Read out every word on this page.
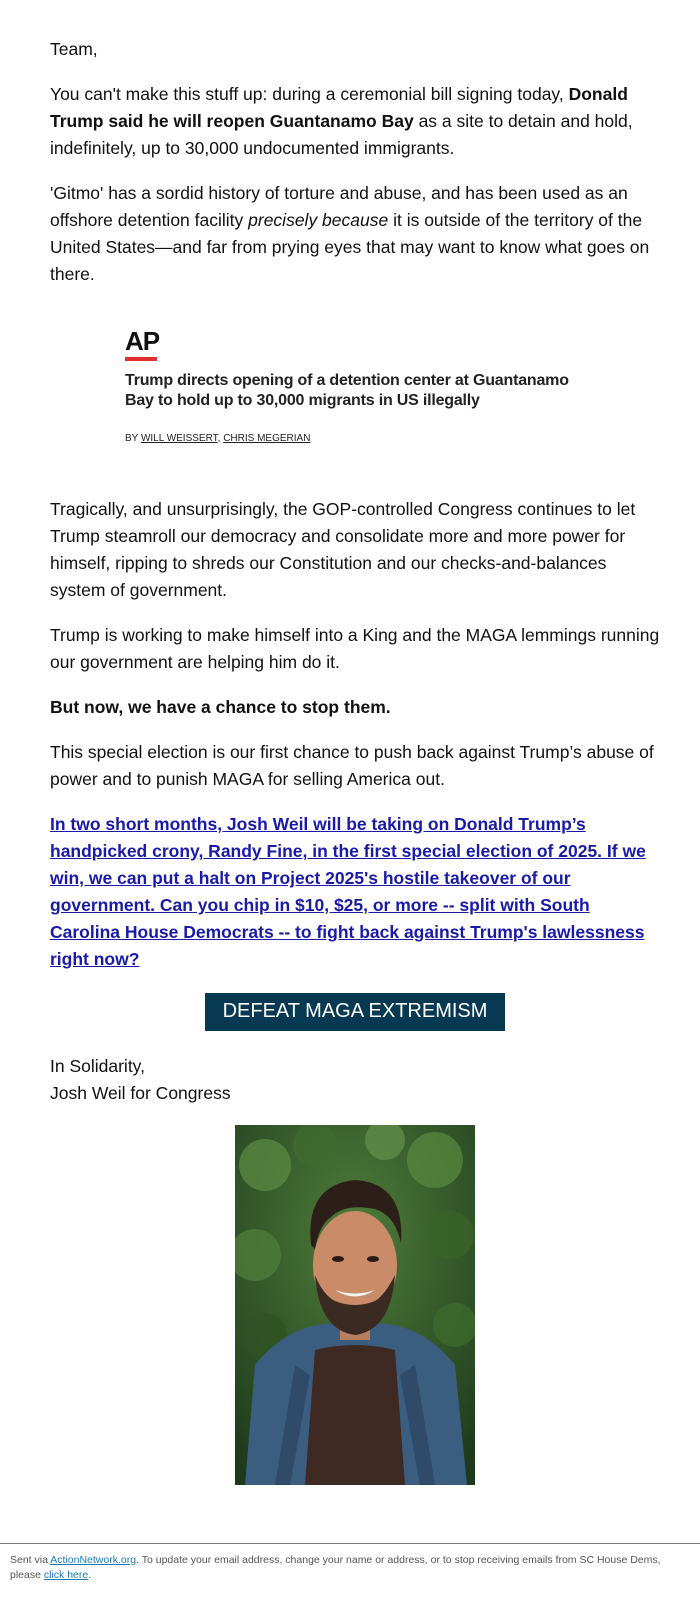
Team,

You can't make this stuff up: during a ceremonial bill signing today, Donald Trump said he will reopen Guantanamo Bay as a site to detain and hold, indefinitely, up to 30,000 undocumented immigrants.

'Gitmo' has a sordid history of torture and abuse, and has been used as an offshore detention facility precisely because it is outside of the territory of the United States—and far from prying eyes that may want to know what goes on there.

AP
Trump directs opening of a detention center at Guantanamo Bay to hold up to 30,000 migrants in US illegally
BY WILL WEISSERT, CHRIS MEGERIAN

Tragically, and unsurprisingly, the GOP-controlled Congress continues to let Trump steamroll our democracy and consolidate more and more power for himself, ripping to shreds our Constitution and our checks-and-balances system of government.

Trump is working to make himself into a King and the MAGA lemmings running our government are helping him do it.

But now, we have a chance to stop them.

This special election is our first chance to push back against Trump’s abuse of power and to punish MAGA for selling America out.

In two short months, Josh Weil will be taking on Donald Trump’s handpicked crony, Randy Fine, in the first special election of 2025. If we win, we can put a halt on Project 2025's hostile takeover of our government. Can you chip in $10, $25, or more -- split with South Carolina House Democrats -- to fight back against Trump's lawlessness right now?

DEFEAT MAGA EXTREMISM

In Solidarity,

Josh Weil for Congress

Sent via ActionNetwork.org. To update your email address, change your name or address, or to stop receiving emails from SC House Dems, please click here.
